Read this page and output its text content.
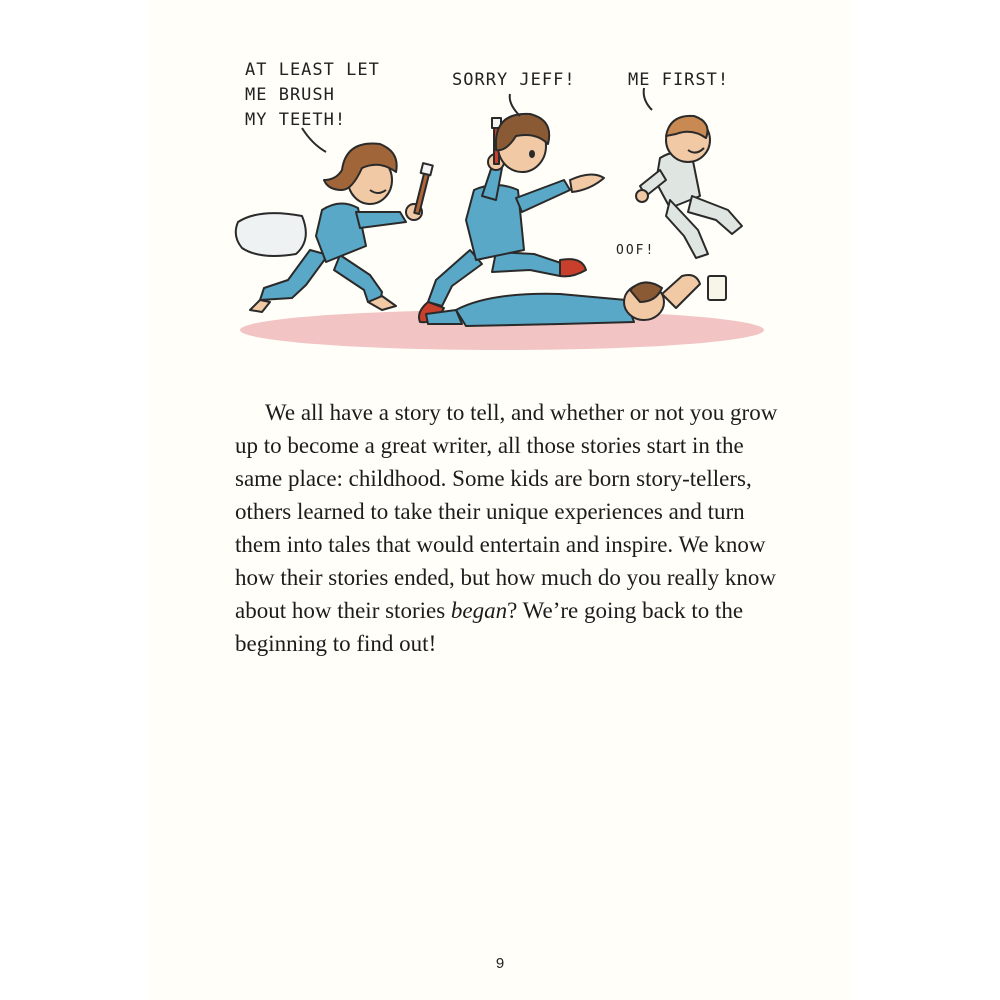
AT LEAST LET
ME BRUSH
MY TEETH!
SORRY JEFF!	ME FIRST!
OOF!

We all have a story to tell, and whether or not you grow up to become a great writer, all those stories start in the same place: childhood. Some kids are born story-tellers, others learned to take their unique experiences and turn them into tales that would entertain and inspire. We know how their stories ended, but how much do you really know about how their stories began? We’re going back to the beginning to find out!

9
